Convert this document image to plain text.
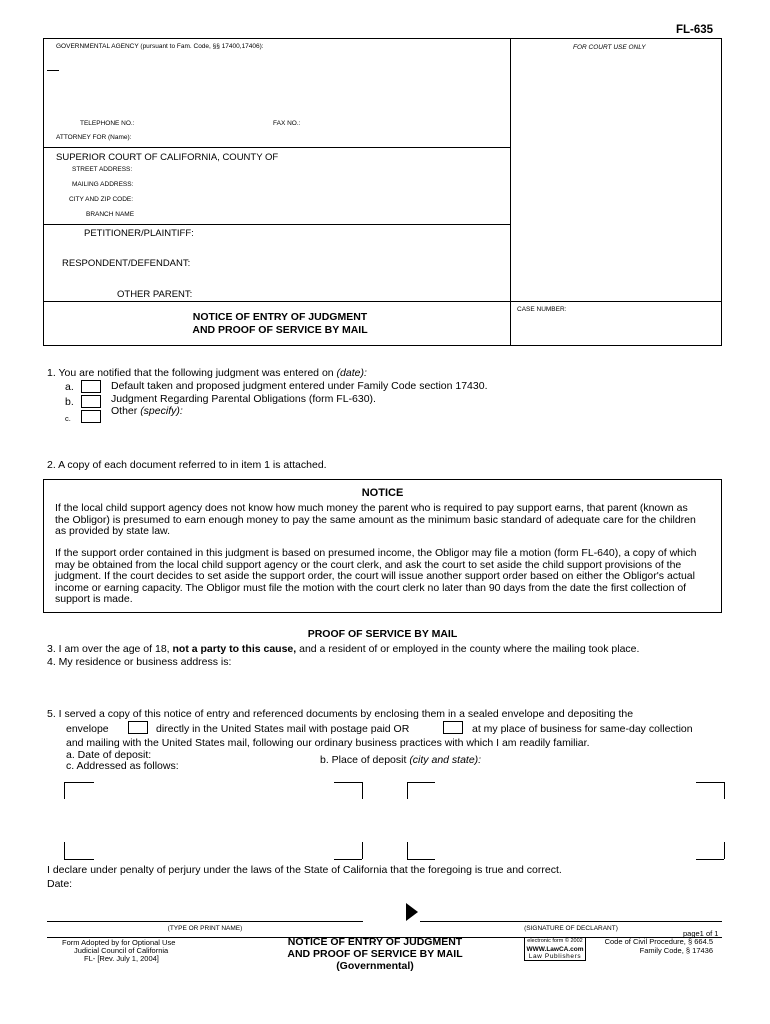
FL-635
GOVERNMENTAL AGENCY (pursuant to Fam. Code, §§ 17400,17406):	FOR COURT USE ONLY
TELEPHONE NO.:	FAX NO.:
ATTORNEY FOR (Name):
SUPERIOR COURT OF CALIFORNIA, COUNTY OF
STREET ADDRESS:
MAILING ADDRESS:
CITY AND ZIP CODE:
BRANCH NAME
PETITIONER/PLAINTIFF:
RESPONDENT/DEFENDANT:
OTHER PARENT:
NOTICE OF ENTRY OF JUDGMENT
AND PROOF OF SERVICE BY MAIL
CASE NUMBER:
1. You are notified that the following judgment was entered on (date):
a.	Default taken and proposed judgment entered under Family Code section 17430.
b.	Judgment Regarding Parental Obligations (form FL-630).
c.
Other (specify):
2. A copy of each document referred to in item 1 is attached.
NOTICE
If the local child support agency does not know how much money the parent who is required to pay support earns, that parent (known as the Obligor) is presumed to earn enough money to pay the same amount as the minimum basic standard of adequate care for the children as provided by state law.
If the support order contained in this judgment is based on presumed income, the Obligor may file a motion (form FL-640), a copy of which may be obtained from the local child support agency or the court clerk, and ask the court to set aside the child support provisions of the judgment. If the court decides to set aside the support order, the court will issue another support order based on either the Obligor's actual income or earning capacity. The Obligor must file the motion with the court clerk no later than 90 days from the date the first collection of support is made.
PROOF OF SERVICE BY MAIL
3. I am over the age of 18, not a party to this cause, and a resident of or employed in the county where the mailing took place.
4. My residence or business address is:
5. I served a copy of this notice of entry and referenced documents by enclosing them in a sealed envelope and depositing the
envelope	directly in the United States mail with postage paid OR	at my place of business for same-day collection
and mailing with the United States mail, following our ordinary business practices with which I am readily familiar.
a. Date of deposit:	b. Place of deposit (city and state):
c. Addressed as follows:
I declare under penalty of perjury under the laws of the State of California that the foregoing is true and correct.
Date:
(TYPE OR PRINT NAME)	(SIGNATURE OF DECLARANT)
page1 of 1
Form Adopted by for Optional Use
Judicial Council of California
FL- [Rev. July 1, 2004]
NOTICE OF ENTRY OF JUDGMENT
AND PROOF OF SERVICE BY MAIL
(Governmental)
electronic form © 2002
WWW.LawCA.com
Law Publishers
Code of Civil Procedure, § 664.5
Family Code, § 17436
